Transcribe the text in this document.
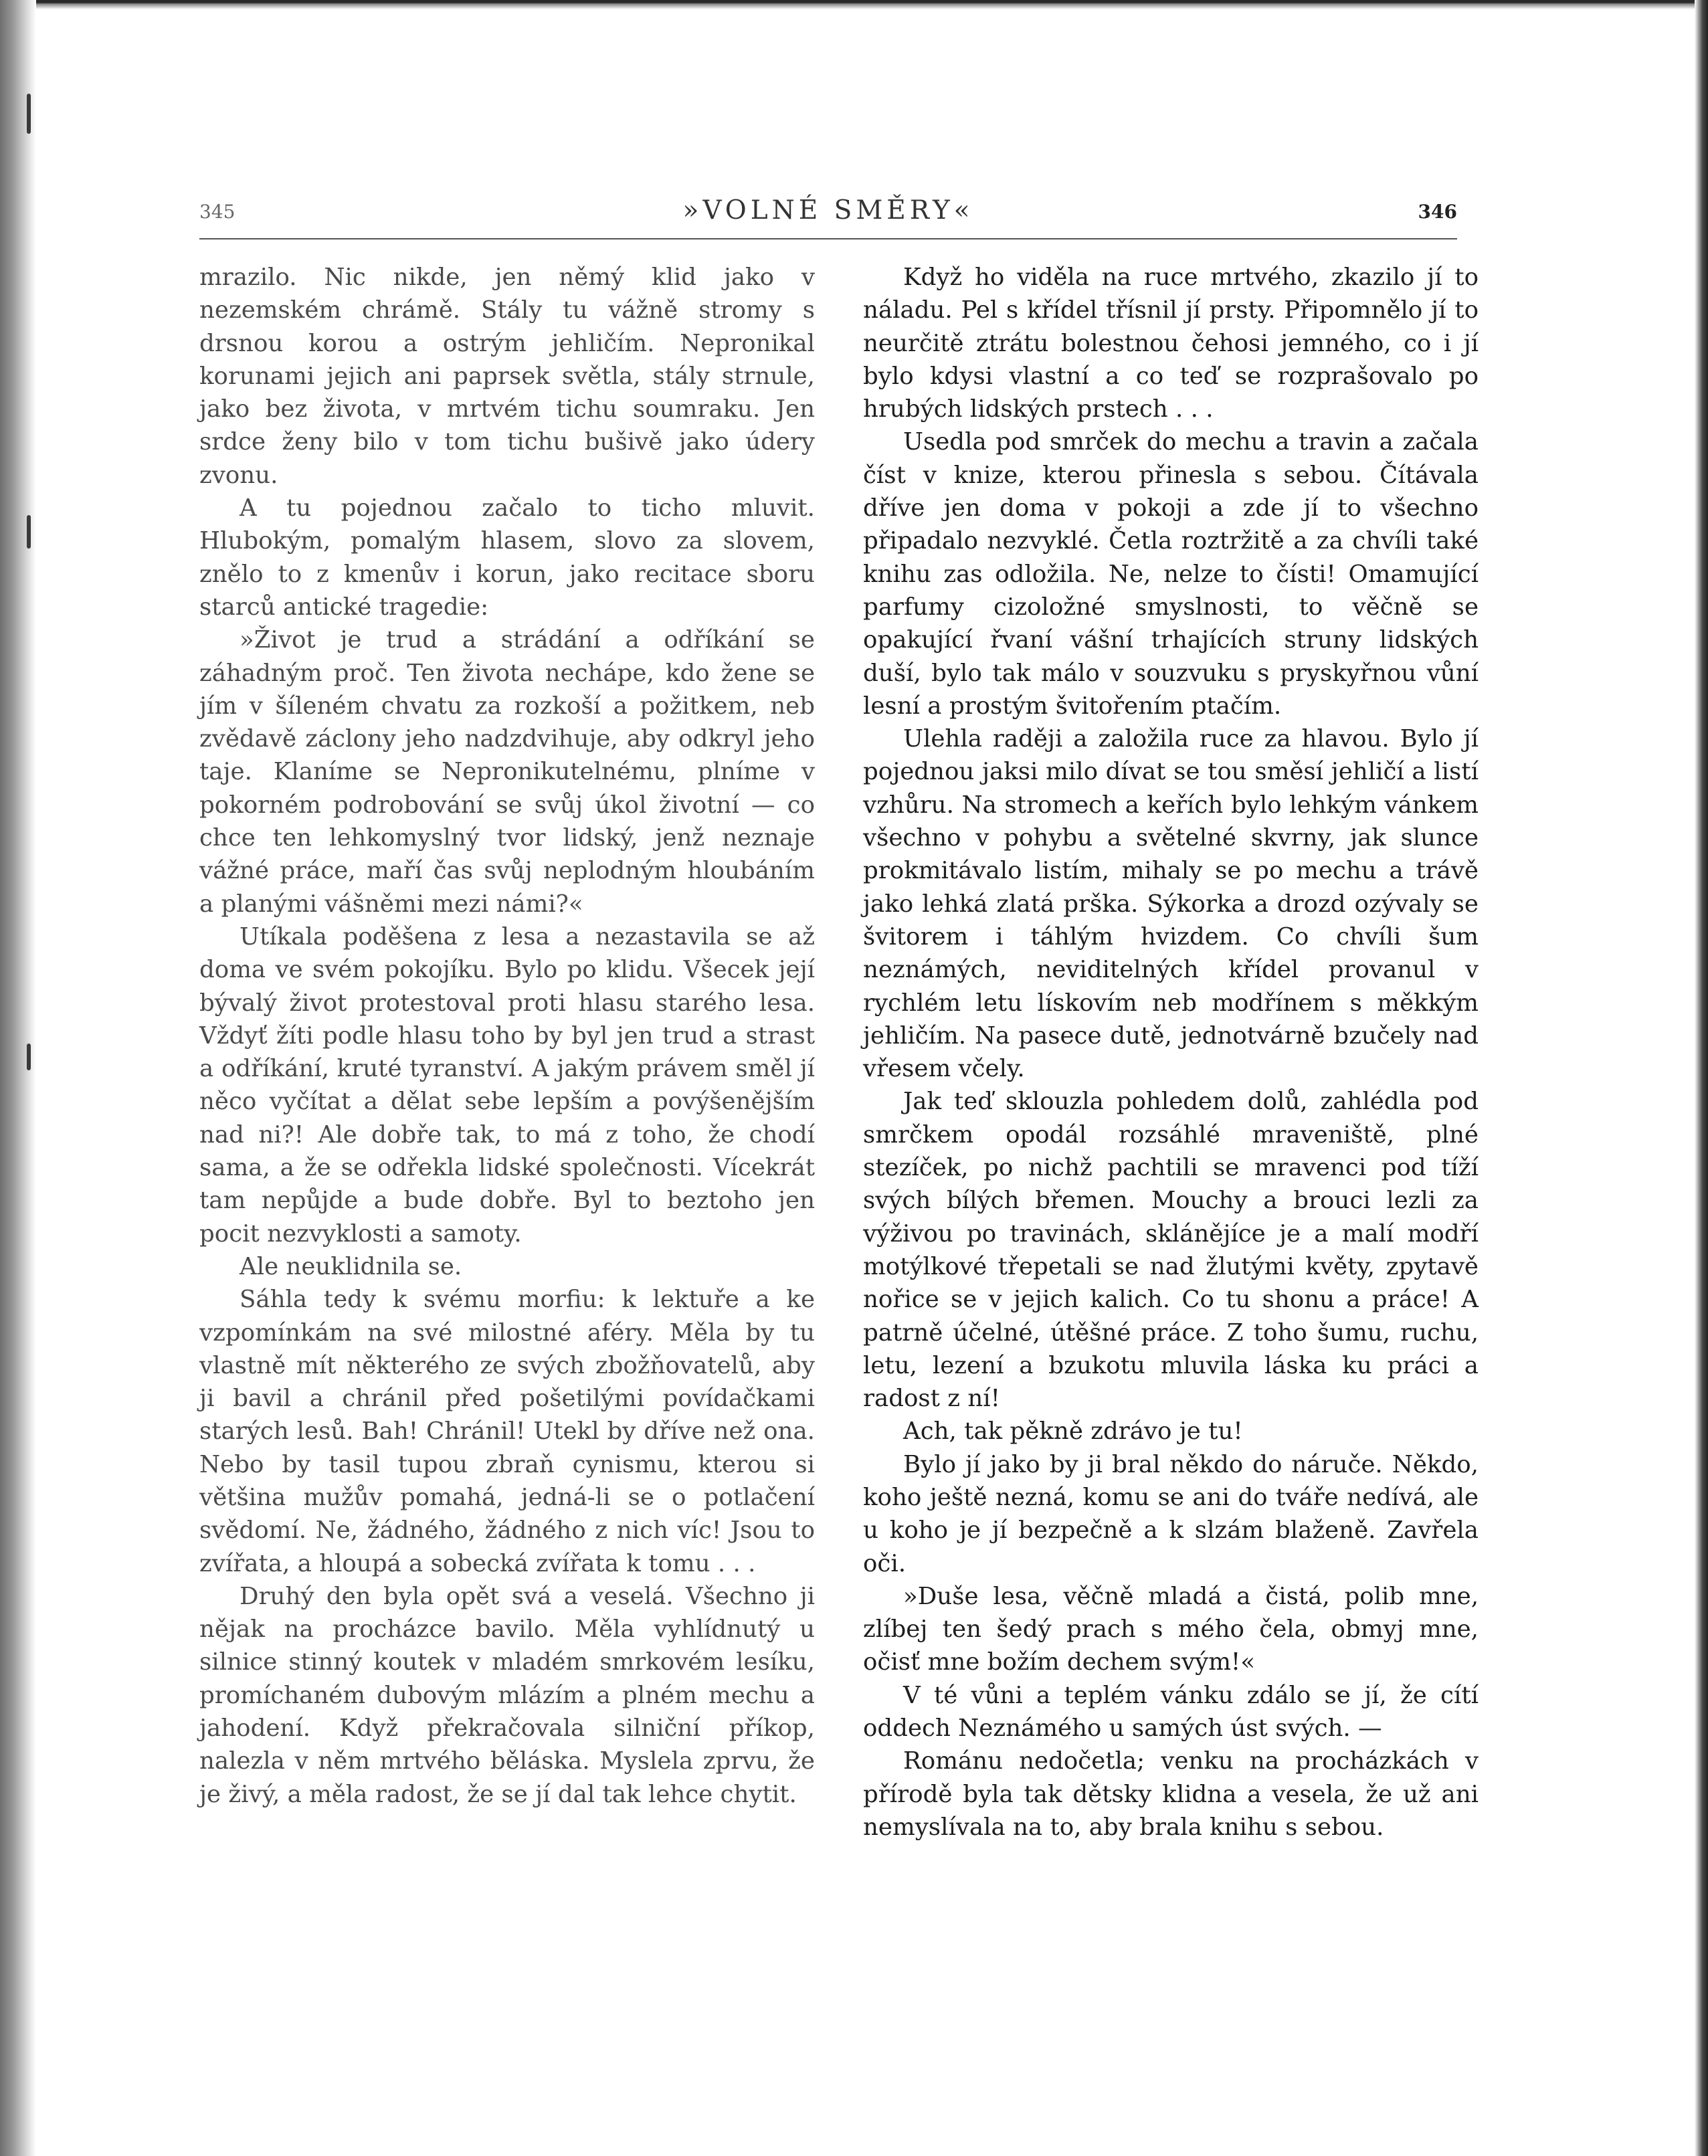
345	»VOLNÉ SMĚRY«	346

mrazilo. Nic nikde, jen němý klid jako v nezemském chrámě. Stály tu vážně stromy s drsnou korou a ostrým jehličím. Nepronikal korunami jejich ani paprsek světla, stály strnule, jako bez života, v mrtvém tichu soumraku. Jen srdce ženy bilo v tom tichu bušivě jako údery zvonu.

A tu pojednou začalo to ticho mluvit. Hlubokým, pomalým hlasem, slovo za slovem, znělo to z kmenův i korun, jako recitace sboru starců antické tragedie:

»Život je trud a strádání a odříkání se záhadným proč. Ten života nechápe, kdo žene se jím v šíleném chvatu za rozkoší a požitkem, neb zvědavě záclony jeho nadzdvihuje, aby odkryl jeho taje. Klaníme se Nepronikutelnému, plníme v pokorném podrobování se svůj úkol životní — co chce ten lehkomyslný tvor lidský, jenž neznaje vážné práce, maří čas svůj neplodným hloubáním a planými vášněmi mezi námi?«

Utíkala poděšena z lesa a nezastavila se až doma ve svém pokojíku. Bylo po klidu. Všecek její bývalý život protestoval proti hlasu starého lesa. Vždyť žíti podle hlasu toho by byl jen trud a strast a odříkání, kruté tyranství. A jakým právem směl jí něco vyčítat a dělat sebe lepším a povýšenějším nad ni?! Ale dobře tak, to má z toho, že chodí sama, a že se odřekla lidské společnosti. Vícekrát tam nepůjde a bude dobře. Byl to beztoho jen pocit nezvyklosti a samoty.

Ale neuklidnila se.

Sáhla tedy k svému morfiu: k lektuře a ke vzpomínkám na své milostné aféry. Měla by tu vlastně mít některého ze svých zbožňovatelů, aby ji bavil a chránil před pošetilými povídačkami starých lesů. Bah! Chránil! Utekl by dříve než ona. Nebo by tasil tupou zbraň cynismu, kterou si většina mužův pomahá, jedná-li se o potlačení svědomí. Ne, žádného, žádného z nich víc! Jsou to zvířata, a hloupá a sobecká zvířata k tomu . . .

Druhý den byla opět svá a veselá. Všechno ji nějak na procházce bavilo. Měla vyhlídnutý u silnice stinný koutek v mladém smrkovém lesíku, promíchaném dubovým mlázím a plném mechu a jahodení. Když překračovala silniční příkop, nalezla v něm mrtvého běláska. Myslela zprvu, že je živý, a měla radost, že se jí dal tak lehce chytit.

Když ho viděla na ruce mrtvého, zkazilo jí to náladu. Pel s křídel třísnil jí prsty. Připomnělo jí to neurčitě ztrátu bolestnou čehosi jemného, co i jí bylo kdysi vlastní a co teď se rozprašovalo po hrubých lidských prstech . . .

Usedla pod smrček do mechu a travin a začala číst v knize, kterou přinesla s sebou. Čítávala dříve jen doma v pokoji a zde jí to všechno připadalo nezvyklé. Četla roztržitě a za chvíli také knihu zas odložila. Ne, nelze to čísti! Omamující parfumy cizoložné smyslnosti, to věčně se opakující řvaní vášní trhajících struny lidských duší, bylo tak málo v souzvuku s pryskyřnou vůní lesní a prostým švitořením ptačím.

Ulehla raději a založila ruce za hlavou. Bylo jí pojednou jaksi milo dívat se tou směsí jehličí a listí vzhůru. Na stromech a keřích bylo lehkým vánkem všechno v pohybu a světelné skvrny, jak slunce prokmitávalo listím, mihaly se po mechu a trávě jako lehká zlatá prška. Sýkorka a drozd ozývaly se švitorem i táhlým hvizdem. Co chvíli šum neznámých, neviditelných křídel provanul v rychlém letu lískovím neb modřínem s měkkým jehličím. Na pasece dutě, jednotvárně bzučely nad vřesem včely.

Jak teď sklouzla pohledem dolů, zahlédla pod smrčkem opodál rozsáhlé mraveniště, plné stezíček, po nichž pachtili se mravenci pod tíží svých bílých břemen. Mouchy a brouci lezli za výživou po travinách, sklánějíce je a malí modří motýlkové třepetali se nad žlutými květy, zpytavě nořice se v jejich kalich. Co tu shonu a práce! A patrně účelné, útěšné práce. Z toho šumu, ruchu, letu, lezení a bzukotu mluvila láska ku práci a radost z ní!

Ach, tak pěkně zdrávo je tu!

Bylo jí jako by ji bral někdo do náruče. Někdo, koho ještě nezná, komu se ani do tváře nedívá, ale u koho je jí bezpečně a k slzám blaženě. Zavřela oči.

»Duše lesa, věčně mladá a čistá, polib mne, zlíbej ten šedý prach s mého čela, obmyj mne, očisť mne božím dechem svým!«

V té vůni a teplém vánku zdálo se jí, že cítí oddech Neznámého u samých úst svých. —

Románu nedočetla; venku na procházkách v přírodě byla tak dětsky klidna a vesela, že už ani nemyslívala na to, aby brala knihu s sebou.
